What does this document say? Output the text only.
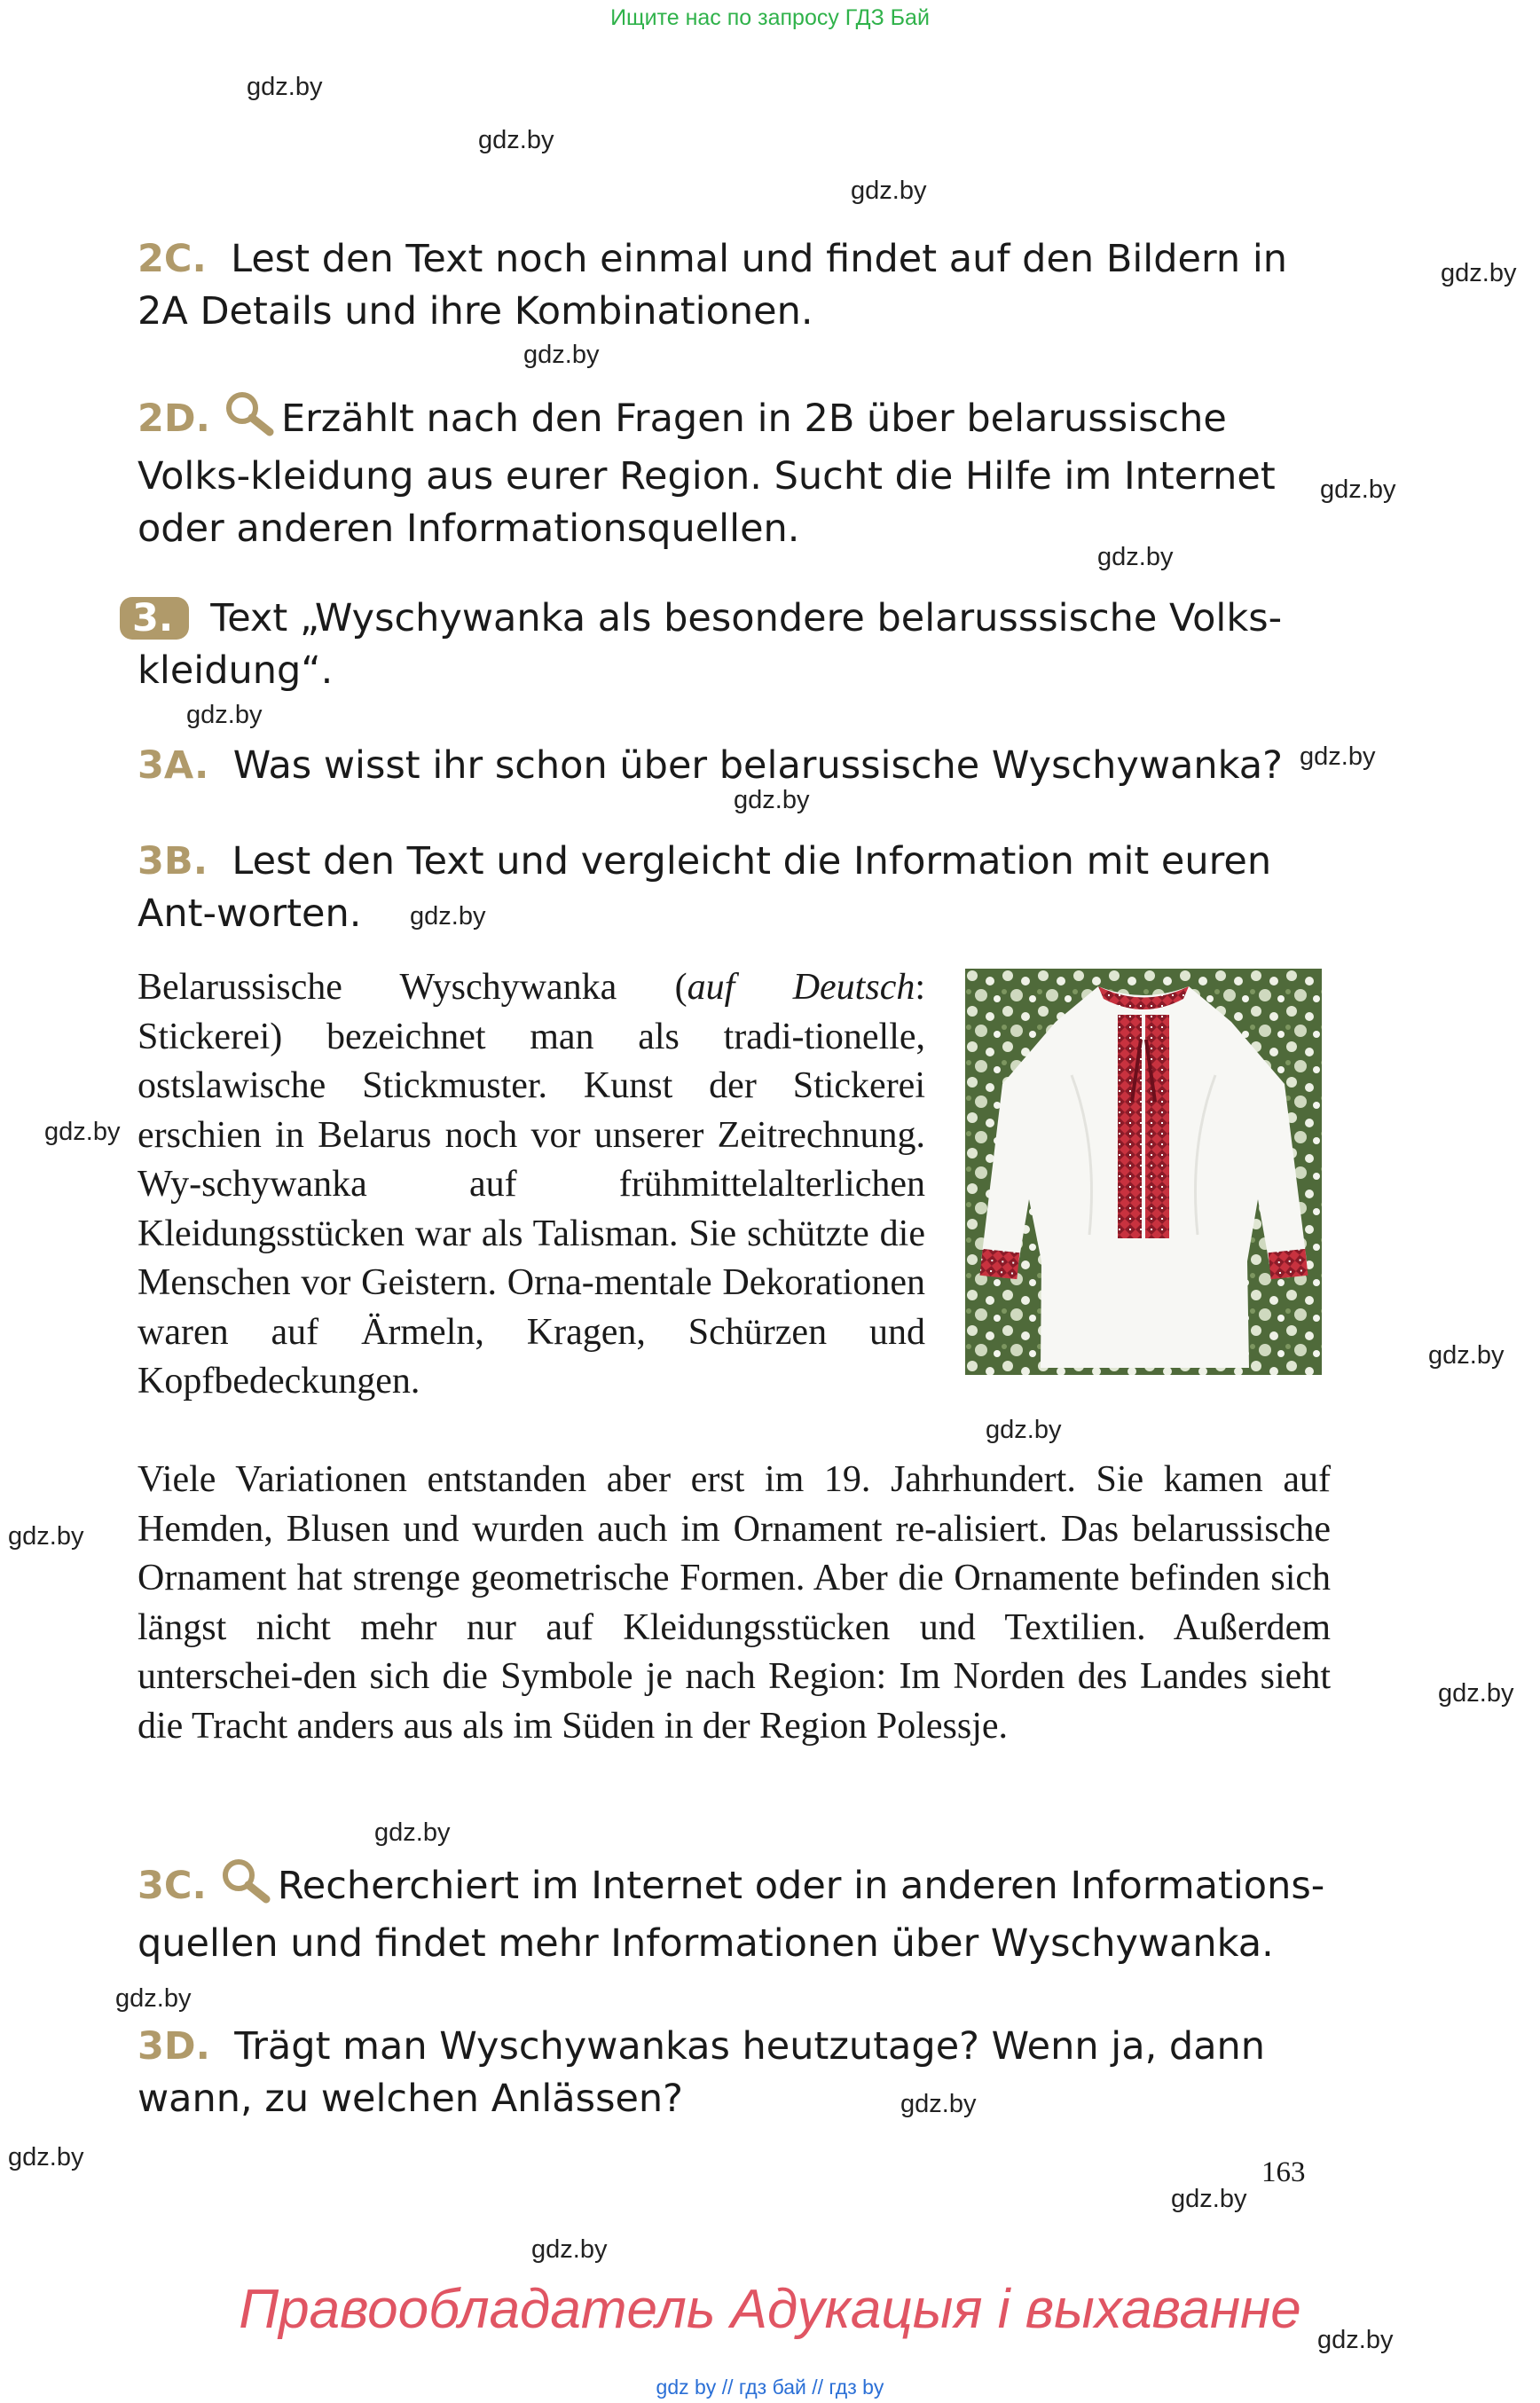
Ищите нас по запросу ГДЗ Бай
gdz.by
gdz.by
gdz.by
gdz.by
gdz.by
gdz.by
gdz.by
gdz.by
gdz.by
gdz.by
gdz.by
gdz.by
gdz.by
gdz.by
gdz.by
gdz.by
gdz.by
gdz.by
gdz.by
gdz.by
gdz.by
gdz.by
gdz.by
2C. Lest den Text noch einmal und findet auf den Bildern in 2A Details und ihre Kombinationen.
2D. Erzählt nach den Fragen in 2B über belarussische Volks-kleidung aus eurer Region. Sucht die Hilfe im Internet oder anderen Informationsquellen.
3. Text „Wyschywanka als besondere belarusssische Volks-kleidung“.
3A. Was wisst ihr schon über belarussische Wyschywanka?
3B. Lest den Text und vergleicht die Information mit euren Ant-worten.
Belarussische Wyschywanka (auf Deutsch: Stickerei) bezeichnet man als tradi-tionelle, ostslawische Stickmuster. Kunst der Stickerei erschien in Belarus noch vor unserer Zeitrechnung. Wy-schywanka auf frühmittelalterlichen Kleidungsstücken war als Talisman. Sie schützte die Menschen vor Geistern. Orna-mentale Dekorationen waren auf Ärmeln, Kragen, Schürzen und Kopfbedeckungen.
Viele Variationen entstanden aber erst im 19. Jahrhundert. Sie kamen auf Hemden, Blusen und wurden auch im Ornament re-alisiert. Das belarussische Ornament hat strenge geometrische Formen. Aber die Ornamente befinden sich längst nicht mehr nur auf Kleidungsstücken und Textilien. Außerdem unterschei-den sich die Symbole je nach Region: Im Norden des Landes sieht die Tracht anders aus als im Süden in der Region Polessje.
3C. Recherchiert im Internet oder in anderen Informations-quellen und findet mehr Informationen über Wyschywanka.
3D. Trägt man Wyschywankas heutzutage? Wenn ja, dann wann, zu welchen Anlässen?
163
Правообладатель Адукацыя і выхаванне
gdz by // гдз бай // гдз by
